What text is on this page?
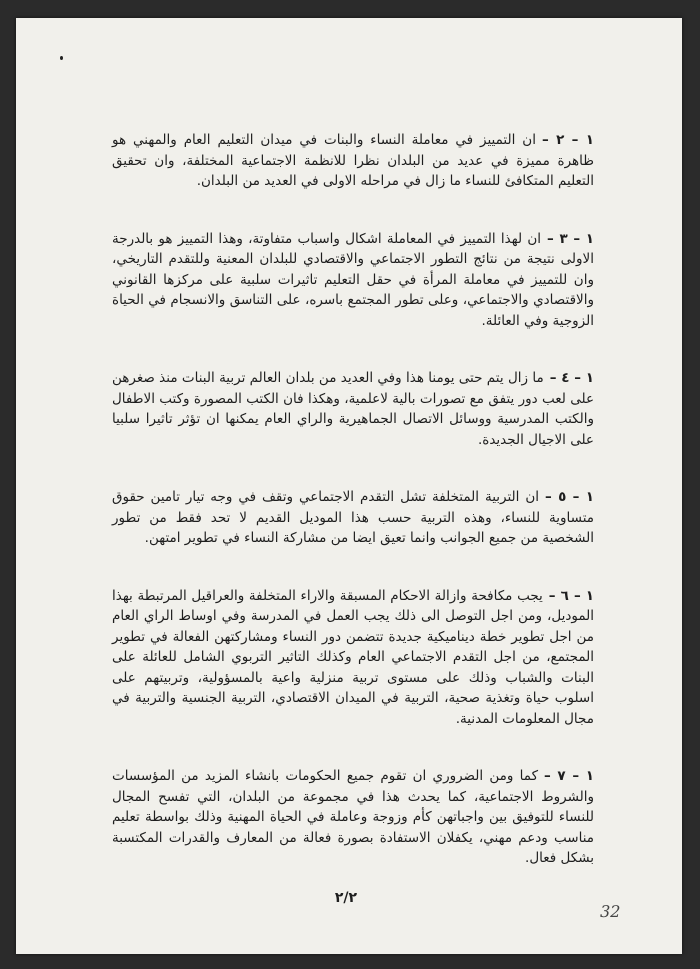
١ – ٢ –ان التمييز في معاملة النساء والبنات في ميدان التعليم العام والمهني هو ظاهرة مميزة في عديد من البلدان نظرا للانظمة الاجتماعية المختلفة، وان تحقيق التعليم المتكافئ للنساء ما زال في مراحله الاولى في العديد من البلدان.

١ – ٣ –ان لهذا التمييز في المعاملة اشكال واسباب متفاوتة، وهذا التمييز هو بالدرجة الاولى نتيجة من نتائج التطور الاجتماعي والاقتصادي للبلدان المعنية وللتقدم التاريخي، وان للتمييز في معاملة المرأة في حقل التعليم تاثيرات سلبية على مركزها القانوني والاقتصادي والاجتماعي، وعلى تطور المجتمع باسره، على التناسق والانسجام في الحياة الزوجية وفي العائلة.

١ – ٤ –ما زال يتم حتى يومنا هذا وفي العديد من بلدان العالم تربية البنات منذ صغرهن على لعب دور يتفق مع تصورات بالية لاعلمية، وهكذا فان الكتب المصورة وكتب الاطفال والكتب المدرسية ووسائل الاتصال الجماهيرية والراي العام يمكنها ان تؤثر تاثيرا سلبيا على الاجيال الجديدة.

١ – ٥ –ان التربية المتخلفة تشل التقدم الاجتماعي وتقف في وجه تيار تامين حقوق متساوية للنساء، وهذه التربية حسب هذا الموديل القديم لا تحد فقط من تطور الشخصية من جميع الجوانب وانما تعيق ايضا من مشاركة النساء في تطوير امتهن.

١ – ٦ –يجب مكافحة وازالة الاحكام المسبقة والاراء المتخلفة والعراقيل المرتبطة بهذا الموديل، ومن اجل التوصل الى ذلك يجب العمل في المدرسة وفي اوساط الراي العام من اجل تطوير خطة ديناميكية جديدة تتضمن دور النساء ومشاركتهن الفعالة في تطوير المجتمع، من اجل التقدم الاجتماعي العام وكذلك التاثير التربوي الشامل للعائلة على البنات والشباب وذلك على مستوى تربية منزلية واعية بالمسؤولية، وتربيتهم على اسلوب حياة وتغذية صحية، التربية في الميدان الاقتصادي، التربية الجنسية والتربية في مجال المعلومات المدنية.

١ – ٧ –كما ومن الضروري ان تقوم جميع الحكومات بانشاء المزيد من المؤسسات والشروط الاجتماعية، كما يحدث هذا في مجموعة من البلدان، التي تفسح المجال للنساء للتوفيق بين واجباتهن كأم وزوجة وعاملة في الحياة المهنية وذلك بواسطة تعليم مناسب ودعم مهني، يكفلان الاستفادة بصورة فعالة من المعارف والقدرات المكتسبة بشكل فعال.

٢/٢
32
